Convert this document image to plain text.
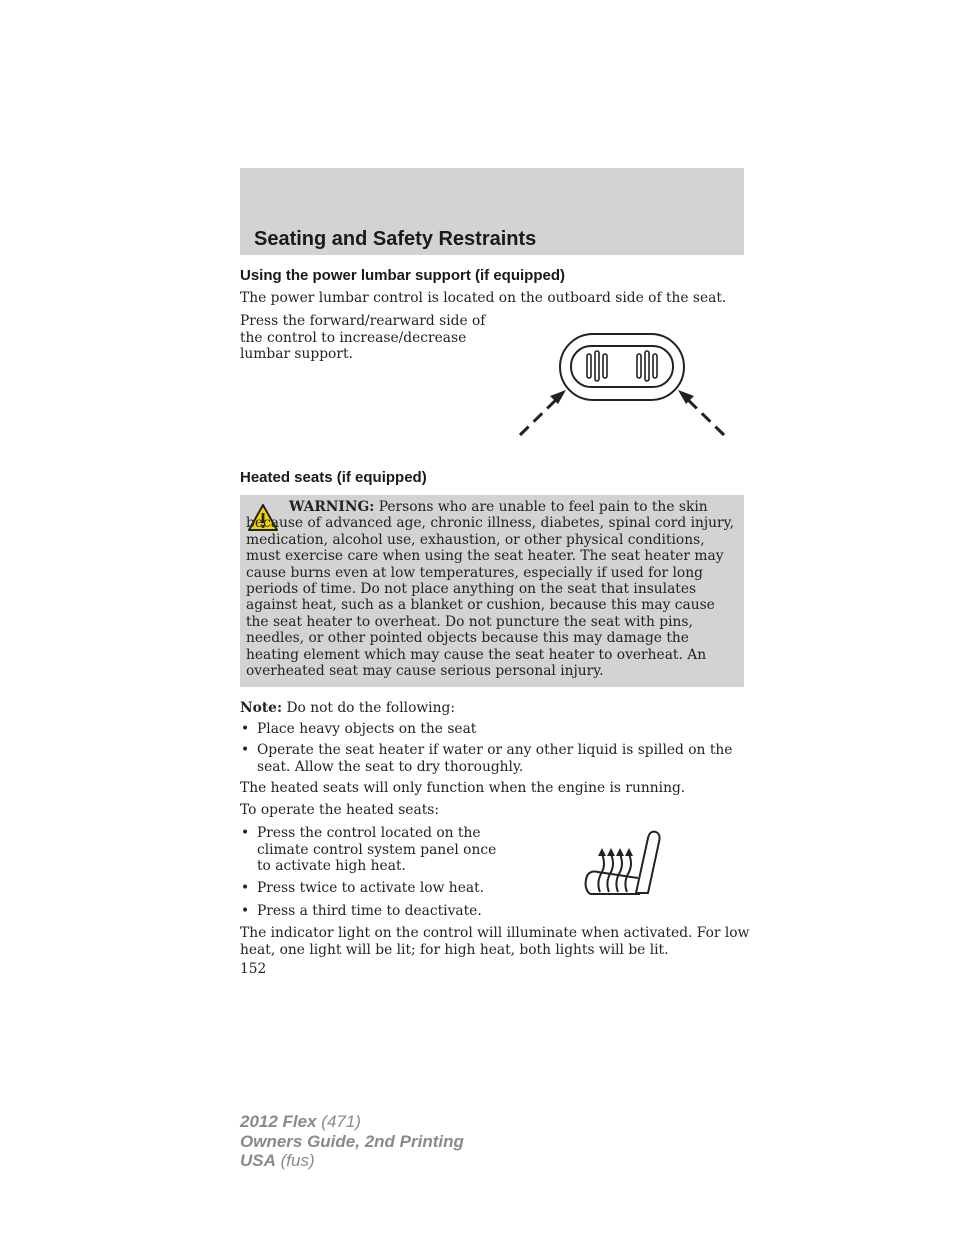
Seating and Safety Restraints
Using the power lumbar support (if equipped)

The power lumbar control is located on the outboard side of the seat.

Press the forward/rearward side of
the control to increase/decrease
lumbar support.

Heated seats (if equipped)

WARNING: Persons who are unable to feel pain to the skin because of advanced age, chronic illness, diabetes, spinal cord injury, medication, alcohol use, exhaustion, or other physical conditions, must exercise care when using the seat heater. The seat heater may cause burns even at low temperatures, especially if used for long periods of time. Do not place anything on the seat that insulates against heat, such as a blanket or cushion, because this may cause the seat heater to overheat. Do not puncture the seat with pins, needles, or other pointed objects because this may damage the heating element which may cause the seat heater to overheat. An overheated seat may cause serious personal injury.

Note: Do not do the following:

• Place heavy objects on the seat
• Operate the seat heater if water or any other liquid is spilled on the
seat. Allow the seat to dry thoroughly.

The heated seats will only function when the engine is running.

To operate the heated seats:

• Press the control located on the
climate control system panel once
to activate high heat.
• Press twice to activate low heat.
• Press a third time to deactivate.

The indicator light on the control will illuminate when activated. For low
heat, one light will be lit; for high heat, both lights will be lit.

152

2012 Flex (471)
Owners Guide, 2nd Printing
USA (fus)
